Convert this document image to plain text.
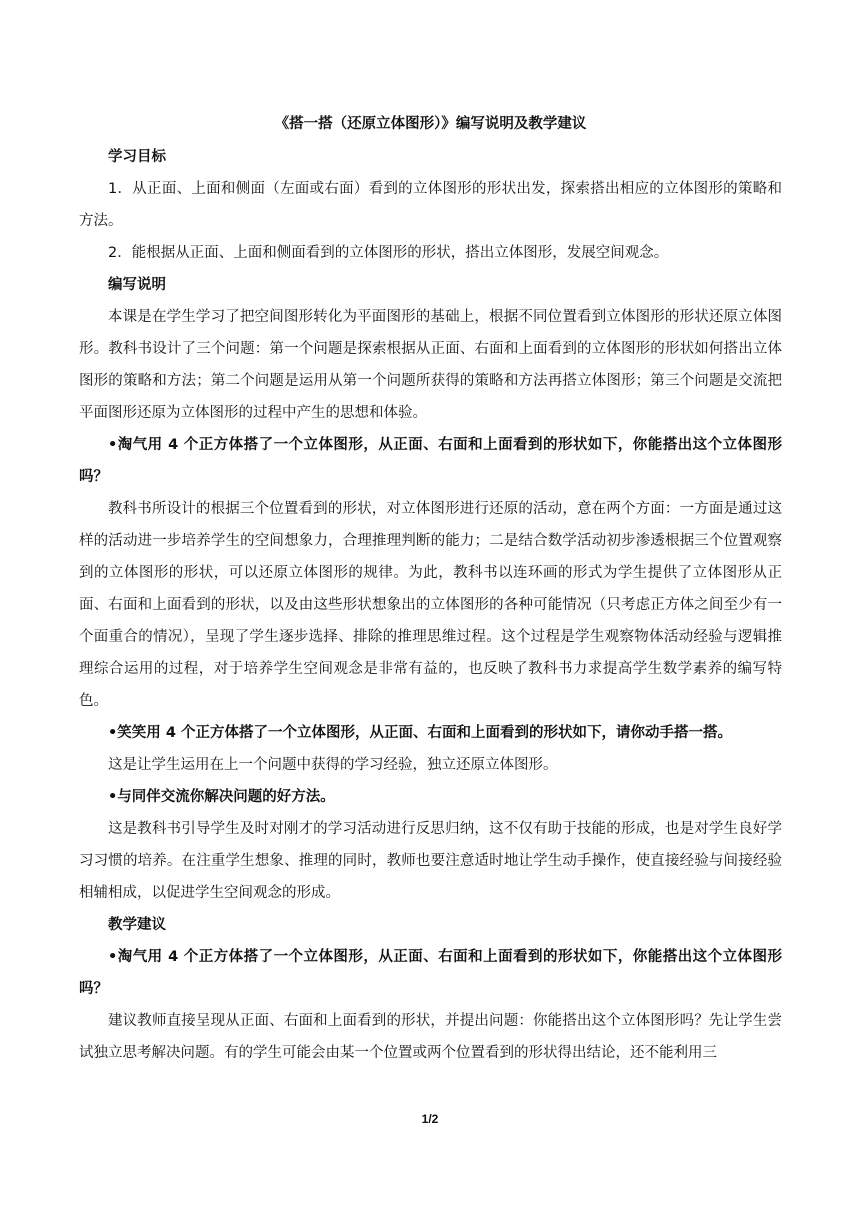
《搭一搭（还原立体图形）》编写说明及教学建议

学习目标

1．从正面、上面和侧面（左面或右面）看到的立体图形的形状出发，探索搭出相应的立体图形的策略和方法。

2．能根据从正面、上面和侧面看到的立体图形的形状，搭出立体图形，发展空间观念。

编写说明

本课是在学生学习了把空间图形转化为平面图形的基础上，根据不同位置看到立体图形的形状还原立体图形。教科书设计了三个问题：第一个问题是探索根据从正面、右面和上面看到的立体图形的形状如何搭出立体图形的策略和方法；第二个问题是运用从第一个问题所获得的策略和方法再搭立体图形；第三个问题是交流把平面图形还原为立体图形的过程中产生的思想和体验。

•淘气用 4 个正方体搭了一个立体图形，从正面、右面和上面看到的形状如下，你能搭出这个立体图形吗？

教科书所设计的根据三个位置看到的形状，对立体图形进行还原的活动，意在两个方面：一方面是通过这样的活动进一步培养学生的空间想象力，合理推理判断的能力；二是结合数学活动初步渗透根据三个位置观察到的立体图形的形状，可以还原立体图形的规律。为此，教科书以连环画的形式为学生提供了立体图形从正面、右面和上面看到的形状，以及由这些形状想象出的立体图形的各种可能情况（只考虑正方体之间至少有一个面重合的情况），呈现了学生逐步选择、排除的推理思维过程。这个过程是学生观察物体活动经验与逻辑推理综合运用的过程，对于培养学生空间观念是非常有益的，也反映了教科书力求提高学生数学素养的编写特色。

•笑笑用 4 个正方体搭了一个立体图形，从正面、右面和上面看到的形状如下，请你动手搭一搭。

这是让学生运用在上一个问题中获得的学习经验，独立还原立体图形。

•与同伴交流你解决问题的好方法。

这是教科书引导学生及时对刚才的学习活动进行反思归纳，这不仅有助于技能的形成，也是对学生良好学习习惯的培养。在注重学生想象、推理的同时，教师也要注意适时地让学生动手操作，使直接经验与间接经验相辅相成，以促进学生空间观念的形成。

教学建议

•淘气用 4 个正方体搭了一个立体图形，从正面、右面和上面看到的形状如下，你能搭出这个立体图形吗？

建议教师直接呈现从正面、右面和上面看到的形状，并提出问题：你能搭出这个立体图形吗？先让学生尝试独立思考解决问题。有的学生可能会由某一个位置或两个位置看到的形状得出结论，还不能利用三

1/2
